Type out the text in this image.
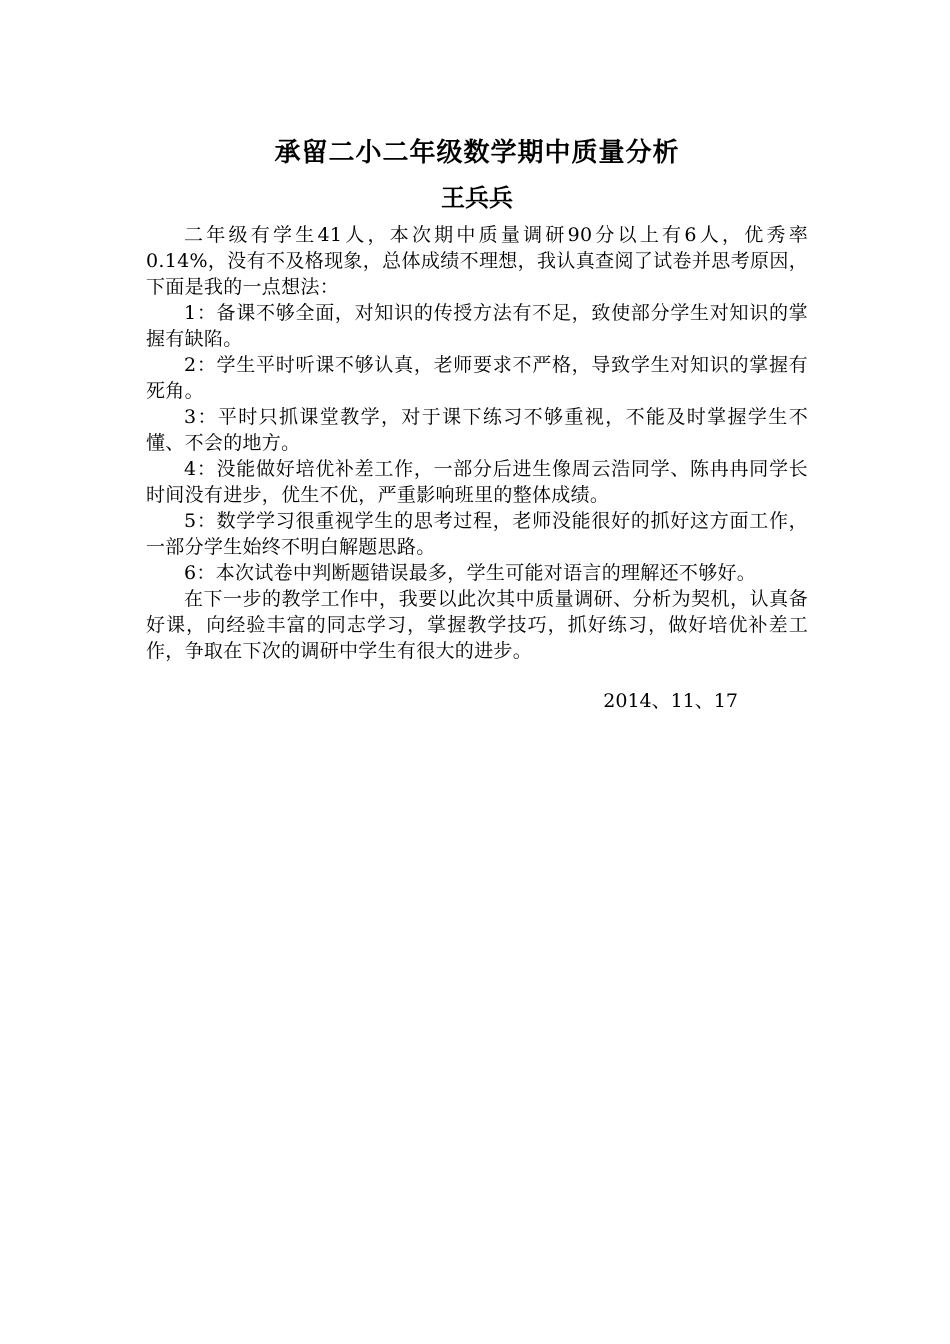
承留二小二年级数学期中质量分析
王兵兵

二年级有学生41人，本次期中质量调研90分以上有6人，优秀率0.14%，没有不及格现象，总体成绩不理想，我认真查阅了试卷并思考原因，下面是我的一点想法：

1：备课不够全面，对知识的传授方法有不足，致使部分学生对知识的掌握有缺陷。

2：学生平时听课不够认真，老师要求不严格，导致学生对知识的掌握有死角。

3：平时只抓课堂教学，对于课下练习不够重视，不能及时掌握学生不懂、不会的地方。

4：没能做好培优补差工作，一部分后进生像周云浩同学、陈冉冉同学长时间没有进步，优生不优，严重影响班里的整体成绩。

5：数学学习很重视学生的思考过程，老师没能很好的抓好这方面工作，一部分学生始终不明白解题思路。

6：本次试卷中判断题错误最多，学生可能对语言的理解还不够好。

在下一步的教学工作中，我要以此次其中质量调研、分析为契机，认真备好课，向经验丰富的同志学习，掌握教学技巧，抓好练习，做好培优补差工作，争取在下次的调研中学生有很大的进步。

2014、11、17
